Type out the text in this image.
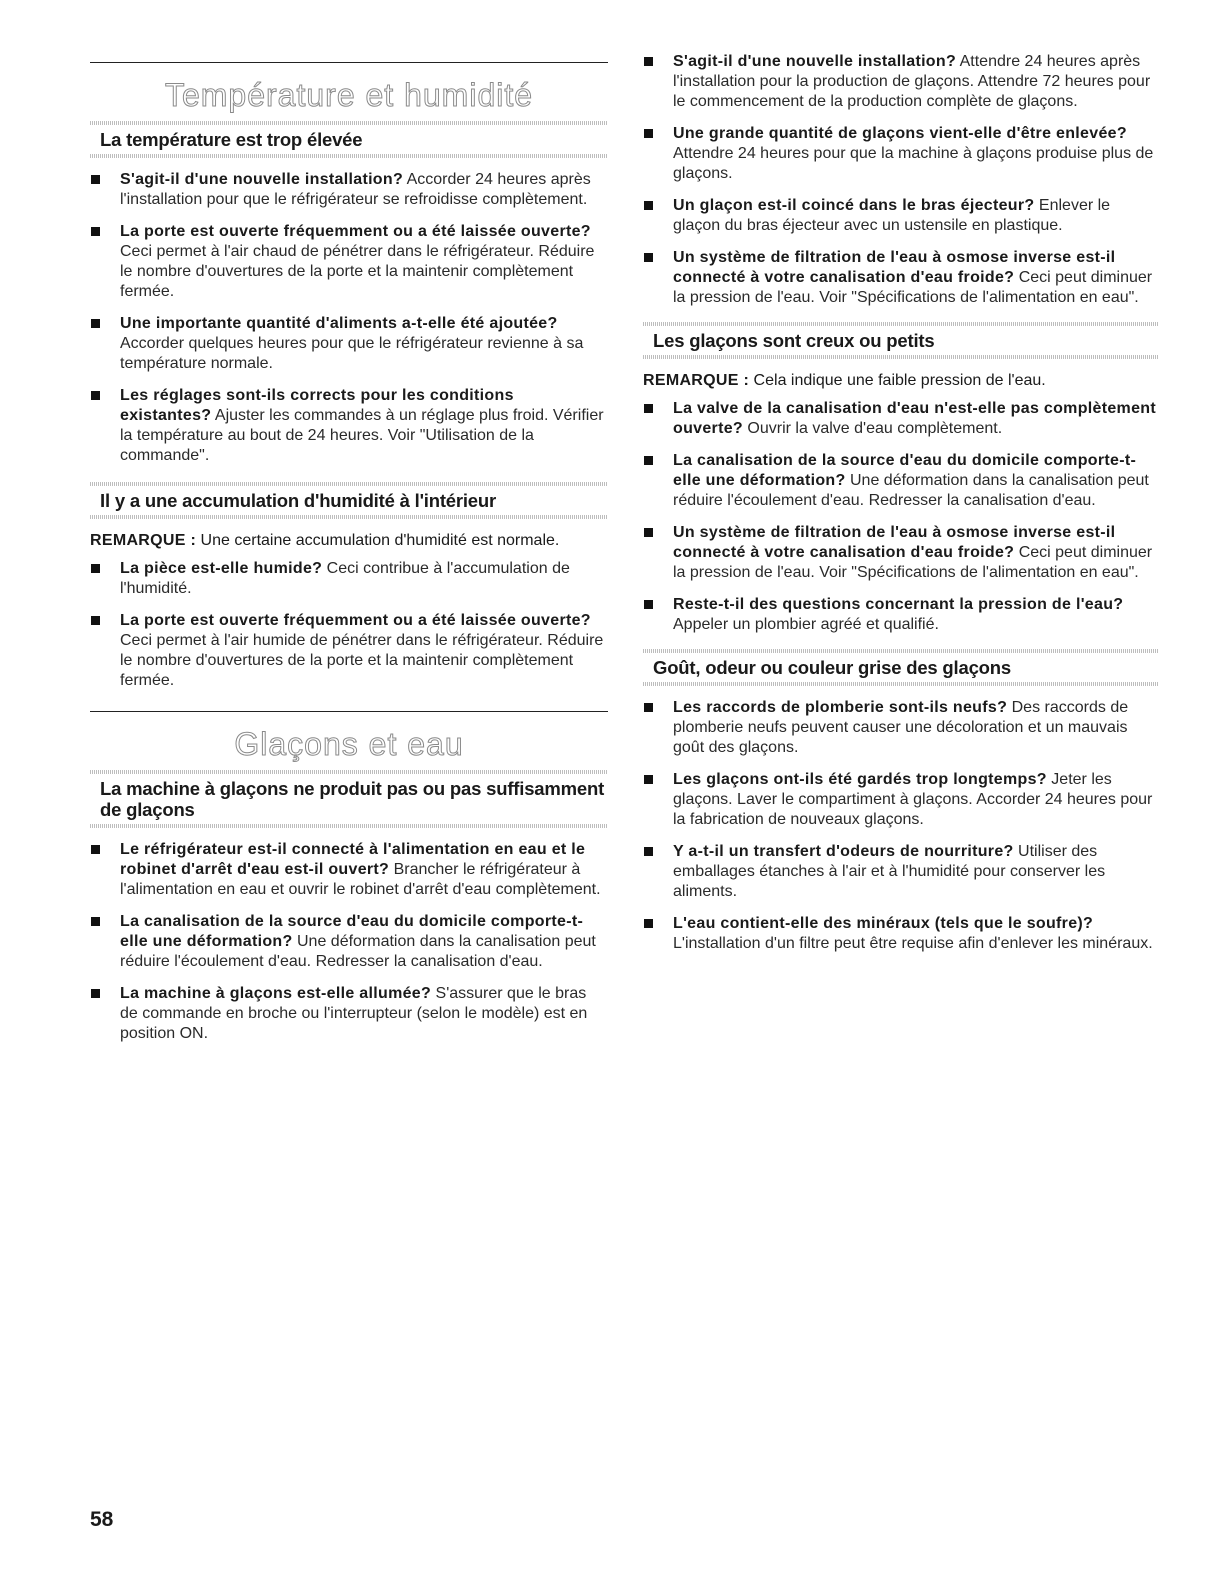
Température et humidité
La température est trop élevée
S'agit-il d'une nouvelle installation? Accorder 24 heures après l'installation pour que le réfrigérateur se refroidisse complètement.
La porte est ouverte fréquemment ou a été laissée ouverte? Ceci permet à l'air chaud de pénétrer dans le réfrigérateur. Réduire le nombre d'ouvertures de la porte et la maintenir complètement fermée.
Une importante quantité d'aliments a-t-elle été ajoutée? Accorder quelques heures pour que le réfrigérateur revienne à sa température normale.
Les réglages sont-ils corrects pour les conditions existantes? Ajuster les commandes à un réglage plus froid. Vérifier la température au bout de 24 heures. Voir "Utilisation de la commande".
Il y a une accumulation d'humidité à l'intérieur

REMARQUE : Une certaine accumulation d'humidité est normale.

La pièce est-elle humide? Ceci contribue à l'accumulation de l'humidité.
La porte est ouverte fréquemment ou a été laissée ouverte? Ceci permet à l'air humide de pénétrer dans le réfrigérateur. Réduire le nombre d'ouvertures de la porte et la maintenir complètement fermée.
Glaçons et eau
La machine à glaçons ne produit pas ou pas suffisamment de glaçons
Le réfrigérateur est-il connecté à l'alimentation en eau et le robinet d'arrêt d'eau est-il ouvert? Brancher le réfrigérateur à l'alimentation en eau et ouvrir le robinet d'arrêt d'eau complètement.
La canalisation de la source d'eau du domicile comporte-t-elle une déformation? Une déformation dans la canalisation peut réduire l'écoulement d'eau. Redresser la canalisation d'eau.
La machine à glaçons est-elle allumée? S'assurer que le bras de commande en broche ou l'interrupteur (selon le modèle) est en position ON.
S'agit-il d'une nouvelle installation? Attendre 24 heures après l'installation pour la production de glaçons. Attendre 72 heures pour le commencement de la production complète de glaçons.
Une grande quantité de glaçons vient-elle d'être enlevée? Attendre 24 heures pour que la machine à glaçons produise plus de glaçons.
Un glaçon est-il coincé dans le bras éjecteur? Enlever le glaçon du bras éjecteur avec un ustensile en plastique.
Un système de filtration de l'eau à osmose inverse est-il connecté à votre canalisation d'eau froide? Ceci peut diminuer la pression de l'eau. Voir "Spécifications de l'alimentation en eau".
Les glaçons sont creux ou petits

REMARQUE : Cela indique une faible pression de l'eau.

La valve de la canalisation d'eau n'est-elle pas complètement ouverte? Ouvrir la valve d'eau complètement.
La canalisation de la source d'eau du domicile comporte-t-elle une déformation? Une déformation dans la canalisation peut réduire l'écoulement d'eau. Redresser la canalisation d'eau.
Un système de filtration de l'eau à osmose inverse est-il connecté à votre canalisation d'eau froide? Ceci peut diminuer la pression de l'eau. Voir "Spécifications de l'alimentation en eau".
Reste-t-il des questions concernant la pression de l'eau? Appeler un plombier agréé et qualifié.
Goût, odeur ou couleur grise des glaçons
Les raccords de plomberie sont-ils neufs? Des raccords de plomberie neufs peuvent causer une décoloration et un mauvais goût des glaçons.
Les glaçons ont-ils été gardés trop longtemps? Jeter les glaçons. Laver le compartiment à glaçons. Accorder 24 heures pour la fabrication de nouveaux glaçons.
Y a-t-il un transfert d'odeurs de nourriture? Utiliser des emballages étanches à l'air et à l'humidité pour conserver les aliments.
L'eau contient-elle des minéraux (tels que le soufre)? L'installation d'un filtre peut être requise afin d'enlever les minéraux.
58
